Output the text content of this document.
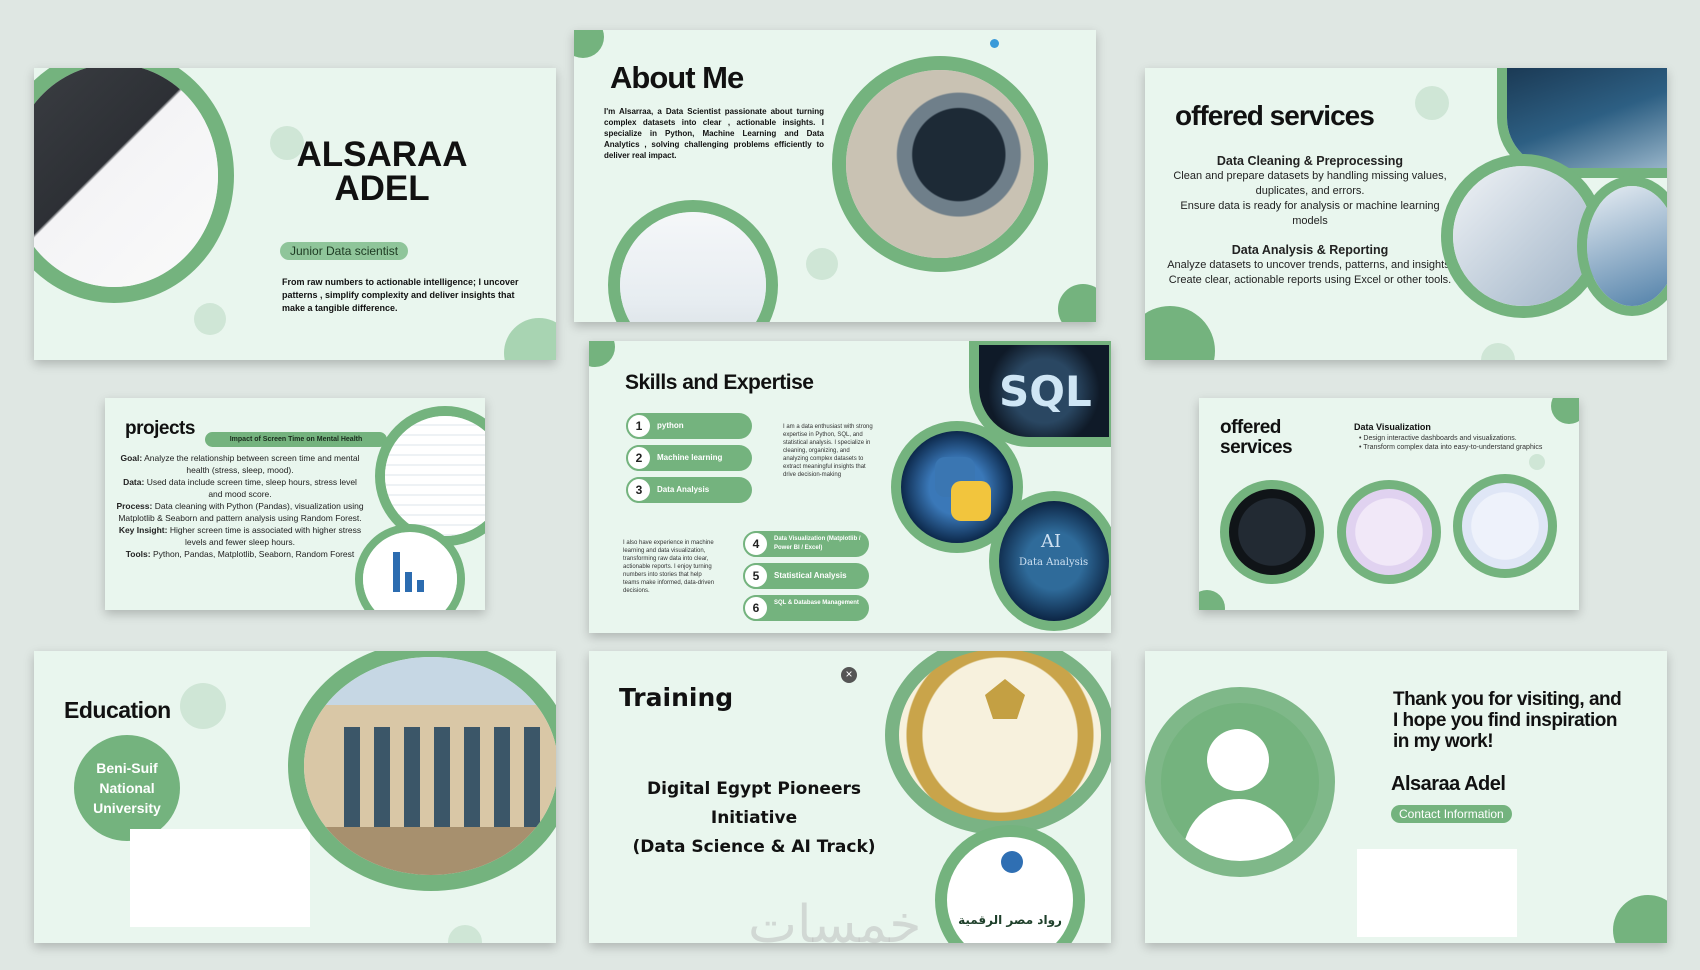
ALSARAA
ADEL
Junior Data scientist
From raw numbers to actionable intelligence; I uncover patterns , simplify complexity and deliver insights that make a tangible difference.
About Me
I'm Alsarraa, a Data Scientist passionate about turning complex datasets into clear , actionable insights. I specialize in Python, Machine Learning and Data Analytics , solving challenging problems efficiently to deliver real impact.
offered services
Data Cleaning & Preprocessing
Clean and prepare datasets by handling missing values, duplicates, and errors.
Ensure data is ready for analysis or machine learning models
Data Analysis & Reporting
Analyze datasets to uncover trends, patterns, and insights.
Create clear, actionable reports using Excel or other tools.
projects
Impact of Screen Time on Mental Health
Goal: Analyze the relationship between screen time and mental health (stress, sleep, mood).
Data: Used data include screen time, sleep hours, stress level and mood score.
Process: Data cleaning with Python (Pandas), visualization using Matplotlib & Seaborn and pattern analysis using Random Forest.
Key Insight: Higher screen time is associated with higher stress levels and fewer sleep hours.
Tools: Python, Pandas, Matplotlib, Seaborn, Random Forest
Skills and Expertise
python
1
Machine learning
2
Data Analysis
3
I am a data enthusiast with strong expertise in Python, SQL, and statistical analysis. I specialize in cleaning, organizing, and analyzing complex datasets to extract meaningful insights that drive decision-making
I also have experience in machine learning and data visualization, transforming raw data into clear, actionable reports. I enjoy turning numbers into stories that help teams make informed, data-driven decisions.
Data Visualization (Matplotlib / Power BI / Excel)
4
Statistical Analysis
5
SQL & Database Management
6
SQL
AI
Data Analysis
offered services
Data Visualization
• Design interactive dashboards and visualizations.
• Transform complex data into easy-to-understand graphics
Education
Beni-Suif National University
Training
×
Digital Egypt Pioneers
Initiative
(Data Science & AI Track)
رواد مصر الرقمية
Thank you for visiting, and I hope you find inspiration in my work!
Alsaraa Adel
Contact Information
خمسات
